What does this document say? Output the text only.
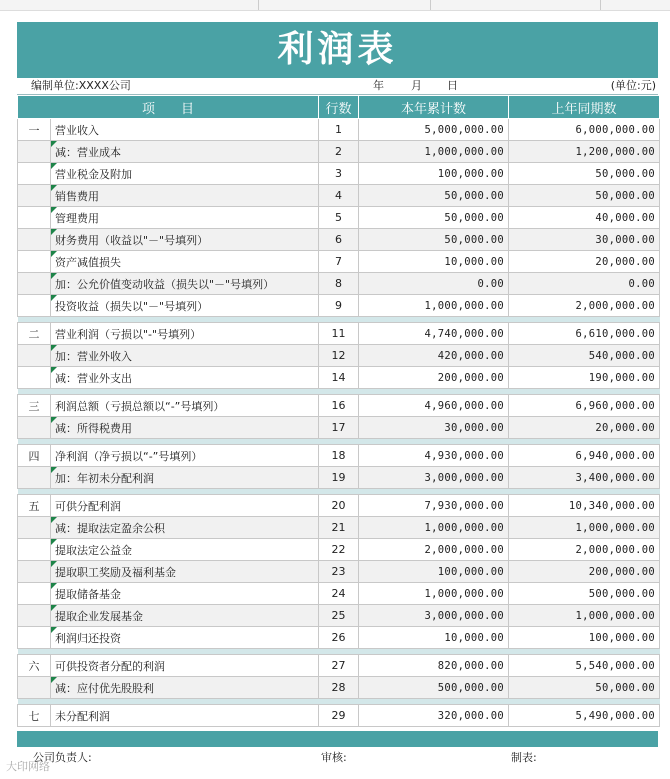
利润表
编制单位:XXXX公司	年 月 日	(单位:元)
项　　目		行数	本年累计数	上年同期数
一	营业收入	1	5,000,000.00	6,000,000.00
	减：营业成本	2	1,000,000.00	1,200,000.00
	营业税金及附加	3	100,000.00	50,000.00
	销售费用	4	50,000.00	50,000.00
	管理费用	5	50,000.00	40,000.00
	财务费用（收益以"－"号填列）	6	50,000.00	30,000.00
	资产减值损失	7	10,000.00	20,000.00
	加：公允价值变动收益（损失以"－"号填列）	8	0.00	0.00
	投资收益（损失以"－"号填列）	9	1,000,000.00	2,000,000.00

二	营业利润（亏损以"-"号填列）	11	4,740,000.00	6,610,000.00
	加：营业外收入	12	420,000.00	540,000.00
	减：营业外支出	14	200,000.00	190,000.00

三	利润总额（亏损总额以“-”号填列）	16	4,960,000.00	6,960,000.00
	减：所得税费用	17	30,000.00	20,000.00

四	净利润（净亏损以“-”号填列）	18	4,930,000.00	6,940,000.00
	加：年初未分配利润	19	3,000,000.00	3,400,000.00

五	可供分配利润	20	7,930,000.00	10,340,000.00
	减：提取法定盈余公积	21	1,000,000.00	1,000,000.00
	提取法定公益金	22	2,000,000.00	2,000,000.00
	提取职工奖励及福利基金	23	100,000.00	200,000.00
	提取储备基金	24	1,000,000.00	500,000.00
	提取企业发展基金	25	3,000,000.00	1,000,000.00
	利润归还投资	26	10,000.00	100,000.00

六	可供投资者分配的利润	27	820,000.00	5,540,000.00
	减：应付优先股股利	28	500,000.00	50,000.00

七	未分配利润	29	320,000.00	5,490,000.00
公司负责人:	审核:	制表:
大印网络
